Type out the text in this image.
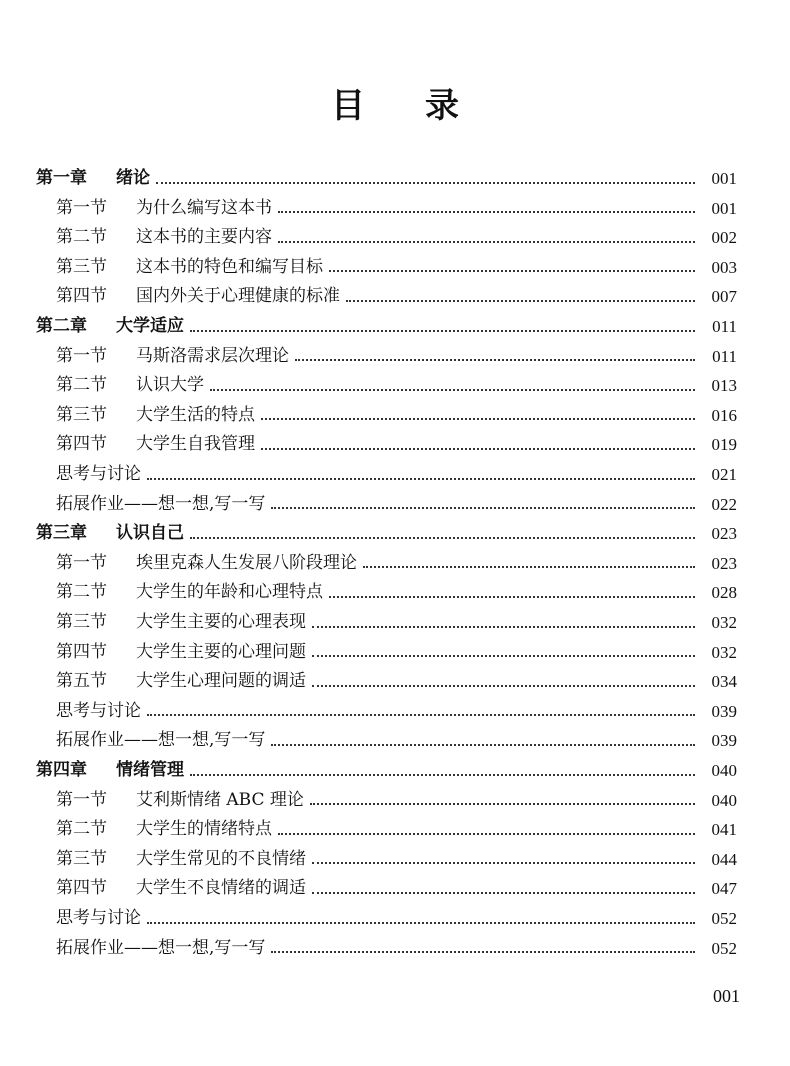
目 录
第一章	绪论	001
第一节	为什么编写这本书	001
第二节	这本书的主要内容	002
第三节	这本书的特色和编写目标	003
第四节	国内外关于心理健康的标准	007
第二章	大学适应	011
第一节	马斯洛需求层次理论	011
第二节	认识大学	013
第三节	大学生活的特点	016
第四节	大学生自我管理	019
思考与讨论	021
拓展作业——想一想,写一写	022
第三章	认识自己	023
第一节	埃里克森人生发展八阶段理论	023
第二节	大学生的年龄和心理特点	028
第三节	大学生主要的心理表现	032
第四节	大学生主要的心理问题	032
第五节	大学生心理问题的调适	034
思考与讨论	039
拓展作业——想一想,写一写	039
第四章	情绪管理	040
第一节	艾利斯情绪 ABC 理论	040
第二节	大学生的情绪特点	041
第三节	大学生常见的不良情绪	044
第四节	大学生不良情绪的调适	047
思考与讨论	052
拓展作业——想一想,写一写	052
001
